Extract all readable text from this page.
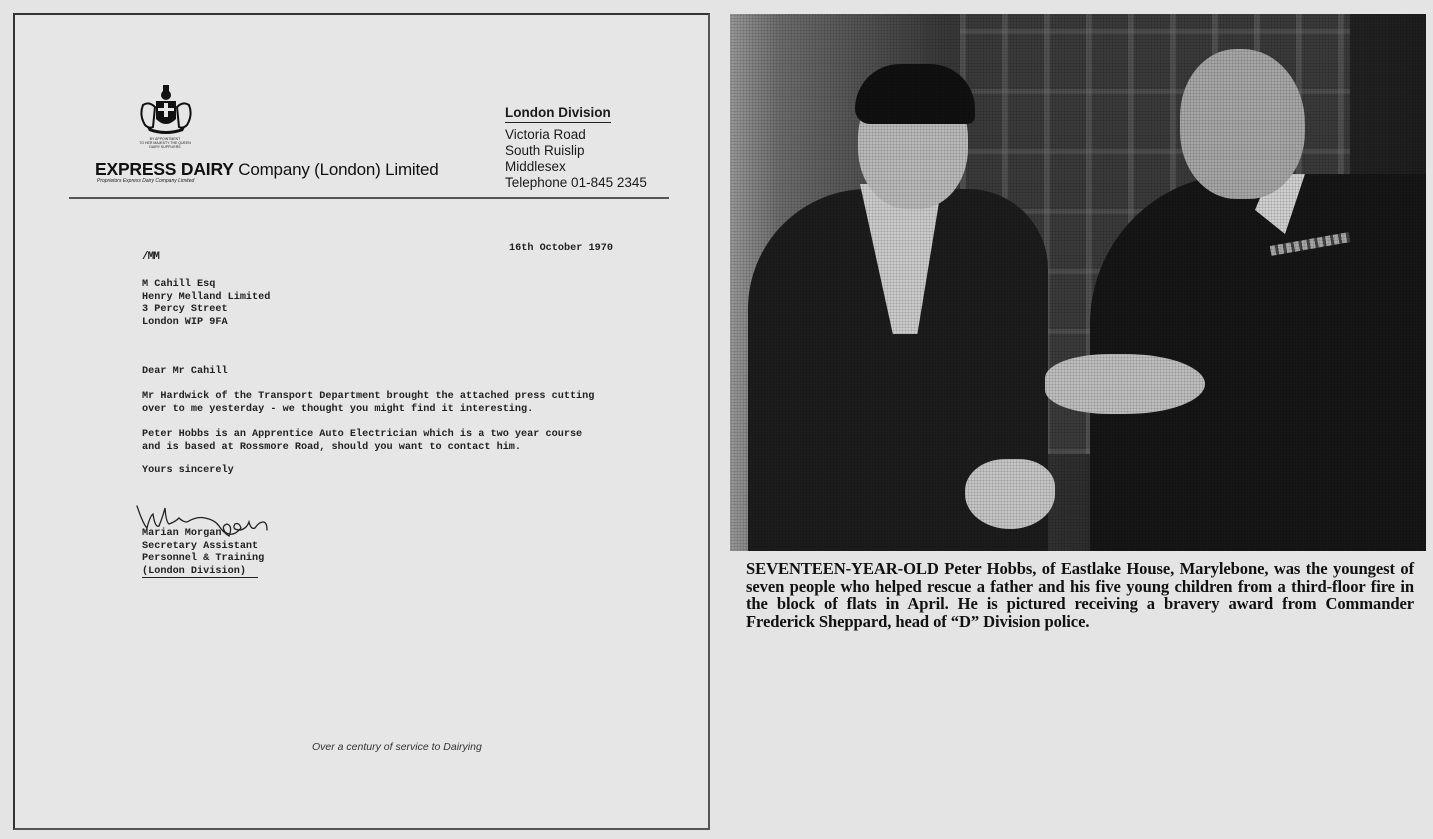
BY APPOINTMENT
TO HER MAJESTY THE QUEEN
DAIRY SUPPLIERS
EXPRESS DAIRY Company (London) Limited
Proprietors Express Dairy Company Limited
London Division
Victoria Road
South Ruislip
Middlesex
Telephone 01-845 2345
16th October 1970
/MM
M Cahill Esq
Henry Melland Limited
3 Percy Street
London WIP 9FA
Dear Mr Cahill
Mr Hardwick of the Transport Department brought the attached press cutting
over to me yesterday - we thought you might find it interesting.
Peter Hobbs is an Apprentice Auto Electrician which is a two year course
and is based at Rossmore Road, should you want to contact him.
Yours sincerely
Marian Morgan
Secretary Assistant
Personnel & Training
(London Division)
Over a century of service to Dairying
SEVENTEEN-YEAR-OLD Peter Hobbs, of Eastlake House, Marylebone, was the youngest of seven people who helped rescue a father and his five young children from a third-floor fire in the block of flats in April. He is pictured receiving a bravery award from Commander Frederick Sheppard, head of “D” Division police.
